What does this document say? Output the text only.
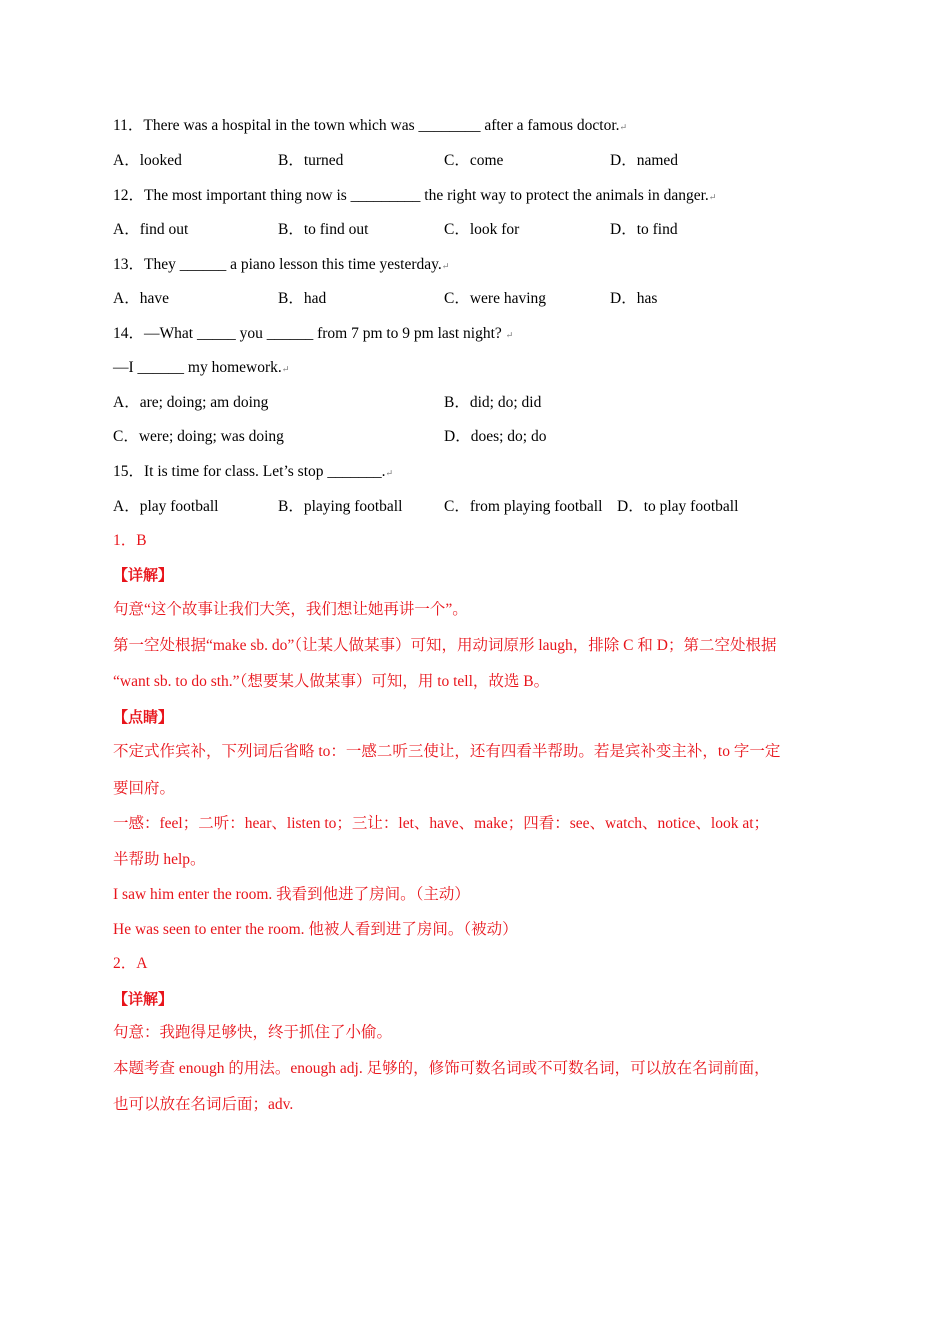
11．There was a hospital in the town which was ________ after a famous doctor.↵
A．looked	B．turned	C．come	D．named
12．The most important thing now is _________ the right way to protect the animals in danger.↵
A．find out	B．to find out	C．look for	D．to find
13．They ______ a piano lesson this time yesterday.↵
A．have	B．had	C．were having	D．has
14．—What _____ you ______ from 7 pm to 9 pm last night? ↵
—I ______ my homework.↵
A．are; doing; am doing	B．did; do; did
C．were; doing; was doing	D．does; do; do
15．It is time for class. Let’s stop _______.↵
A．play football	B．playing football	C．from playing football D．to play football
1．B
【详解】
句意“这个故事让我们大笑，我们想让她再讲一个”。
第一空处根据“make sb. do”（让某人做某事）可知，用动词原形 laugh，排除 C 和 D；第二空处根据
“want sb. to do sth.”（想要某人做某事）可知，用 to tell，故选 B。
【点睛】
不定式作宾补，下列词后省略 to：一感二听三使让，还有四看半帮助。若是宾补变主补，to 字一定
要回府。
一感：feel；二听：hear、listen to；三让：let、have、make；四看：see、watch、notice、look at；
半帮助 help。
I saw him enter the room. 我看到他进了房间。（主动）
He was seen to enter the room. 他被人看到进了房间。（被动）
2．A
【详解】
句意：我跑得足够快，终于抓住了小偷。
本题考查 enough 的用法。enough adj. 足够的，修饰可数名词或不可数名词，可以放在名词前面，
也可以放在名词后面；adv.
